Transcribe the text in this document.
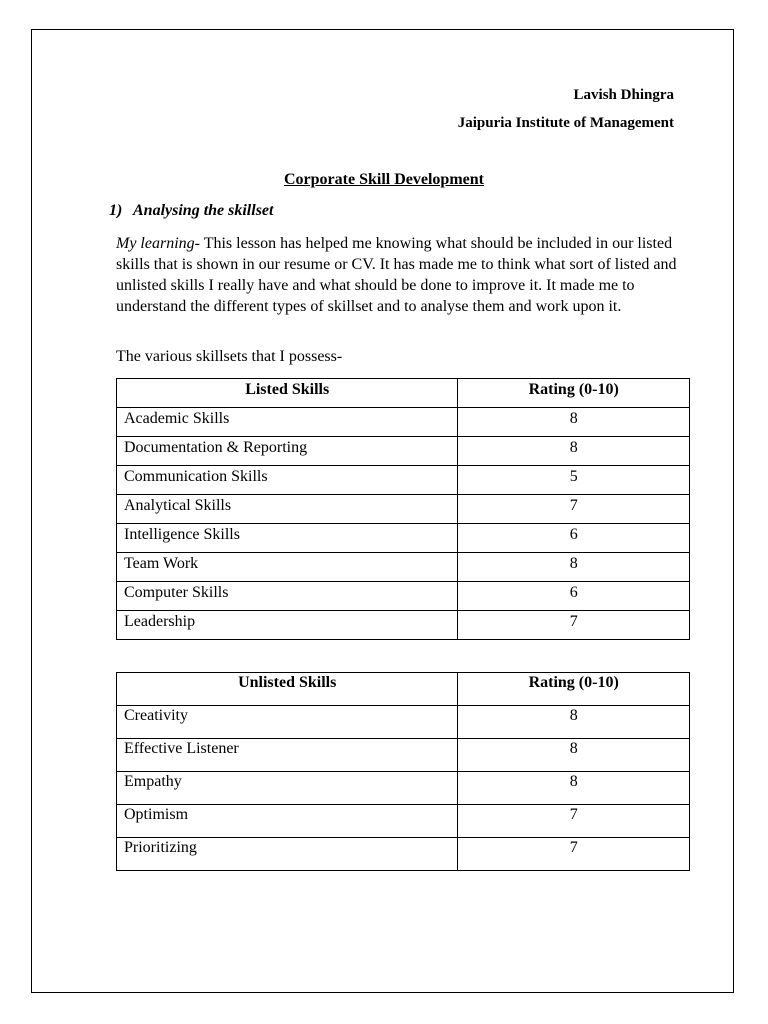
Lavish Dhingra
Jaipuria Institute of Management
Corporate Skill Development
1) Analysing the skillset
My learning- This lesson has helped me knowing what should be included in our listed skills that is shown in our resume or CV. It has made me to think what sort of listed and unlisted skills I really have and what should be done to improve it. It made me to understand the different types of skillset and to analyse them and work upon it.
The various skillsets that I possess-
Listed Skills	Rating (0-10)
Academic Skills	8
Documentation & Reporting	8
Communication Skills	5
Analytical Skills	7
Intelligence Skills	6
Team Work	8
Computer Skills	6
Leadership	7
Unlisted Skills	Rating (0-10)
Creativity	8
Effective Listener	8
Empathy	8
Optimism	7
Prioritizing	7
